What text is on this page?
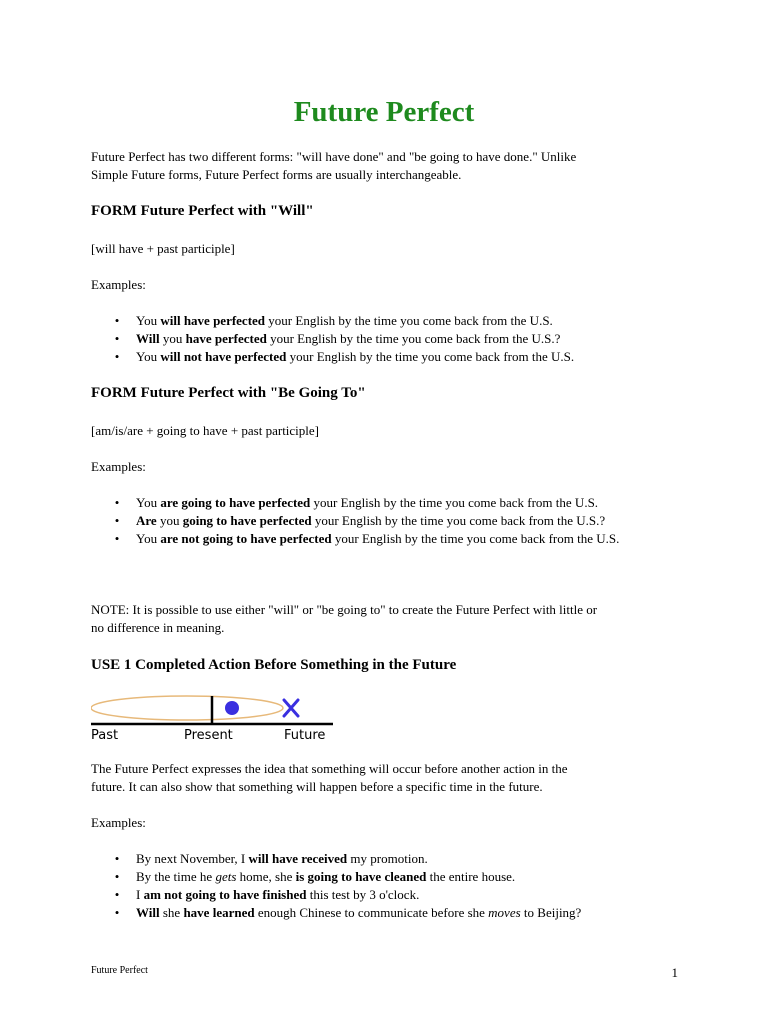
Future Perfect
Future Perfect has two different forms: "will have done" and "be going to have done." Unlike
Simple Future forms, Future Perfect forms are usually interchangeable.
FORM Future Perfect with "Will"
[will have + past participle]
Examples:
• You will have perfected your English by the time you come back from the U.S.
• Will you have perfected your English by the time you come back from the U.S.?
• You will not have perfected your English by the time you come back from the U.S.
FORM Future Perfect with "Be Going To"
[am/is/are + going to have + past participle]
Examples:
• You are going to have perfected your English by the time you come back from the U.S.
• Are you going to have perfected your English by the time you come back from the U.S.?
• You are not going to have perfected your English by the time you come back from the U.S.
NOTE: It is possible to use either "will" or "be going to" to create the Future Perfect with little or
no difference in meaning.
USE 1 Completed Action Before Something in the Future
Past	Present	Future
The Future Perfect expresses the idea that something will occur before another action in the
future. It can also show that something will happen before a specific time in the future.
Examples:
• By next November, I will have received my promotion.
• By the time he gets home, she is going to have cleaned the entire house.
• I am not going to have finished this test by 3 o'clock.
• Will she have learned enough Chinese to communicate before she moves to Beijing?
Future Perfect	1
